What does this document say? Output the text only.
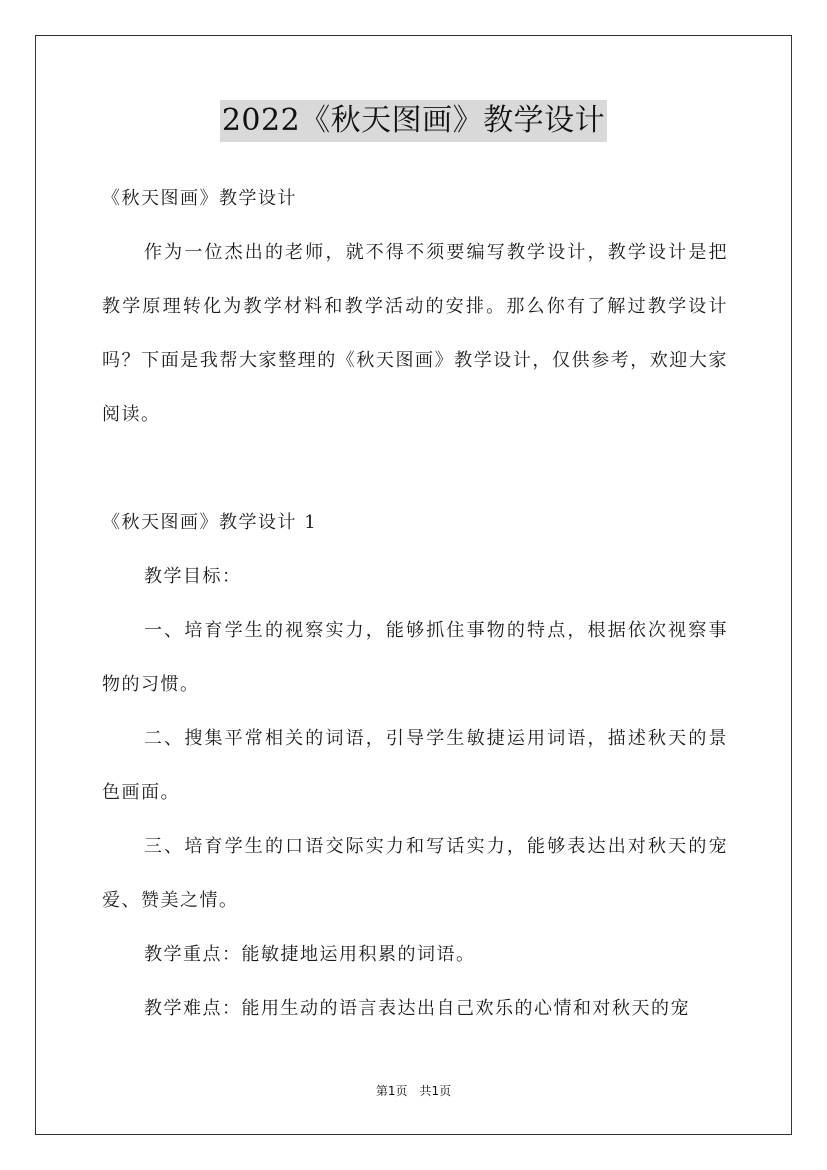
2022《秋天图画》教学设计

《秋天图画》教学设计

作为一位杰出的老师，就不得不须要编写教学设计，教学设计是把教学原理转化为教学材料和教学活动的安排。那么你有了解过教学设计吗？下面是我帮大家整理的《秋天图画》教学设计，仅供参考，欢迎大家阅读。

《秋天图画》教学设计 1

教学目标：

一、培育学生的视察实力，能够抓住事物的特点，根据依次视察事物的习惯。

二、搜集平常相关的词语，引导学生敏捷运用词语，描述秋天的景色画面。

三、培育学生的口语交际实力和写话实力，能够表达出对秋天的宠爱、赞美之情。

教学重点：能敏捷地运用积累的词语。

教学难点：能用生动的语言表达出自己欢乐的心情和对秋天的宠

第1页　共1页
